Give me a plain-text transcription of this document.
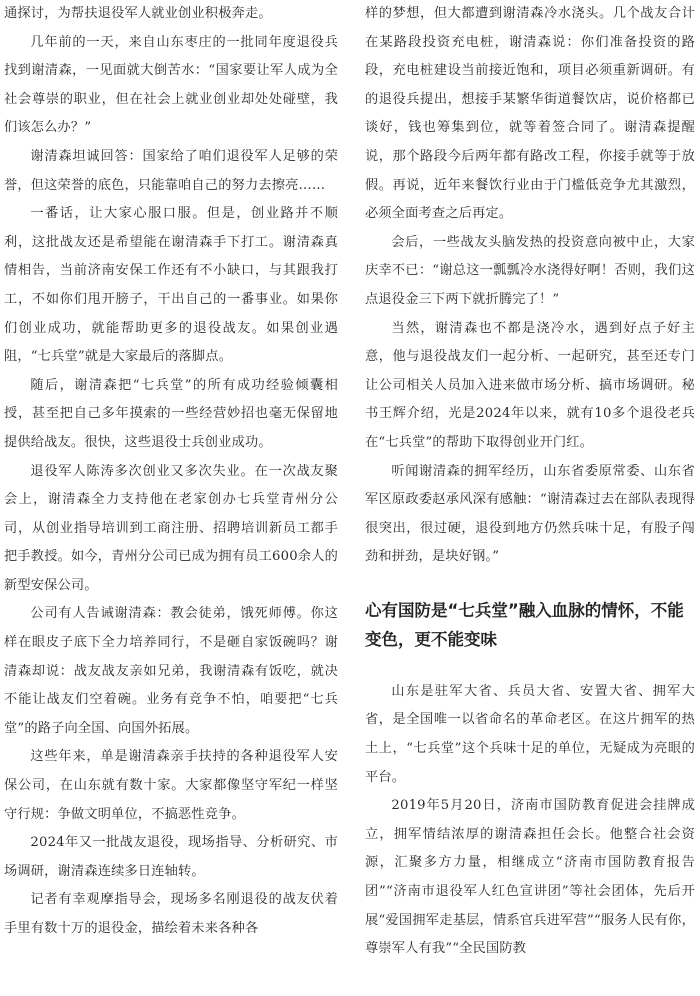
通探讨，为帮扶退役军人就业创业积极奔走。

几年前的一天，来自山东枣庄的一批同年度退役兵找到谢清森，一见面就大倒苦水：“国家要让军人成为全社会尊崇的职业，但在社会上就业创业却处处碰壁，我们该怎么办？”

谢清森坦诚回答：国家给了咱们退役军人足够的荣誉，但这荣誉的底色，只能靠咱自己的努力去擦亮……

一番话，让大家心服口服。但是，创业路并不顺利，这批战友还是希望能在谢清森手下打工。谢清森真情相告，当前济南安保工作还有不小缺口，与其跟我打工，不如你们甩开膀子，干出自己的一番事业。如果你们创业成功，就能帮助更多的退役战友。如果创业遇阻，“七兵堂”就是大家最后的落脚点。

随后，谢清森把“七兵堂”的所有成功经验倾囊相授，甚至把自己多年摸索的一些经营妙招也毫无保留地提供给战友。很快，这些退役士兵创业成功。

退役军人陈涛多次创业又多次失业。在一次战友聚会上，谢清森全力支持他在老家创办七兵堂青州分公司，从创业指导培训到工商注册、招聘培训新员工都手把手教授。如今，青州分公司已成为拥有员工600余人的新型安保公司。

公司有人告诫谢清森：教会徒弟，饿死师傅。你这样在眼皮子底下全力培养同行，不是砸自家饭碗吗？谢清森却说：战友战友亲如兄弟，我谢清森有饭吃，就决不能让战友们空着碗。业务有竞争不怕，咱要把“七兵堂”的路子向全国、向国外拓展。

这些年来，单是谢清森亲手扶持的各种退役军人安保公司，在山东就有数十家。大家都像坚守军纪一样坚守行规：争做文明单位，不搞恶性竞争。

2024年又一批战友退役，现场指导、分析研究、市场调研，谢清森连续多日连轴转。

记者有幸观摩指导会，现场多名刚退役的战友伏着手里有数十万的退役金，描绘着未来各种各

样的梦想，但大都遭到谢清森冷水浇头。几个战友合计在某路段投资充电桩，谢清森说：你们准备投资的路段，充电桩建设当前接近饱和，项目必须重新调研。有的退役兵提出，想接手某繁华街道餐饮店，说价格都已谈好，钱也筹集到位，就等着签合同了。谢清森提醒说，那个路段今后两年都有路改工程，你接手就等于放假。再说，近年来餐饮行业由于门槛低竞争尤其激烈，必须全面考查之后再定。

会后，一些战友头脑发热的投资意向被中止，大家庆幸不已：“谢总这一瓢瓢冷水浇得好啊！否则，我们这点退役金三下两下就折腾完了！”

当然，谢清森也不都是浇冷水，遇到好点子好主意，他与退役战友们一起分析、一起研究，甚至还专门让公司相关人员加入进来做市场分析、搞市场调研。秘书王辉介绍，光是2024年以来，就有10多个退役老兵在“七兵堂”的帮助下取得创业开门红。

听闻谢清森的拥军经历，山东省委原常委、山东省军区原政委赵承风深有感触：“谢清森过去在部队表现得很突出，很过硬，退役到地方仍然兵味十足，有股子闯劲和拼劲，是块好钢。”

心有国防是“七兵堂”融入血脉的情怀，不能变色，更不能变味

山东是驻军大省、兵员大省、安置大省、拥军大省，是全国唯一以省命名的革命老区。在这片拥军的热土上，“七兵堂”这个兵味十足的单位，无疑成为亮眼的平台。

2019年5月20日，济南市国防教育促进会挂牌成立，拥军情结浓厚的谢清森担任会长。他整合社会资源，汇聚多方力量，相继成立“济南市国防教育报告团”“济南市退役军人红色宣讲团”等社会团体，先后开展“爱国拥军走基层，情系官兵进军营”“服务人民有你，尊崇军人有我”“全民国防教
